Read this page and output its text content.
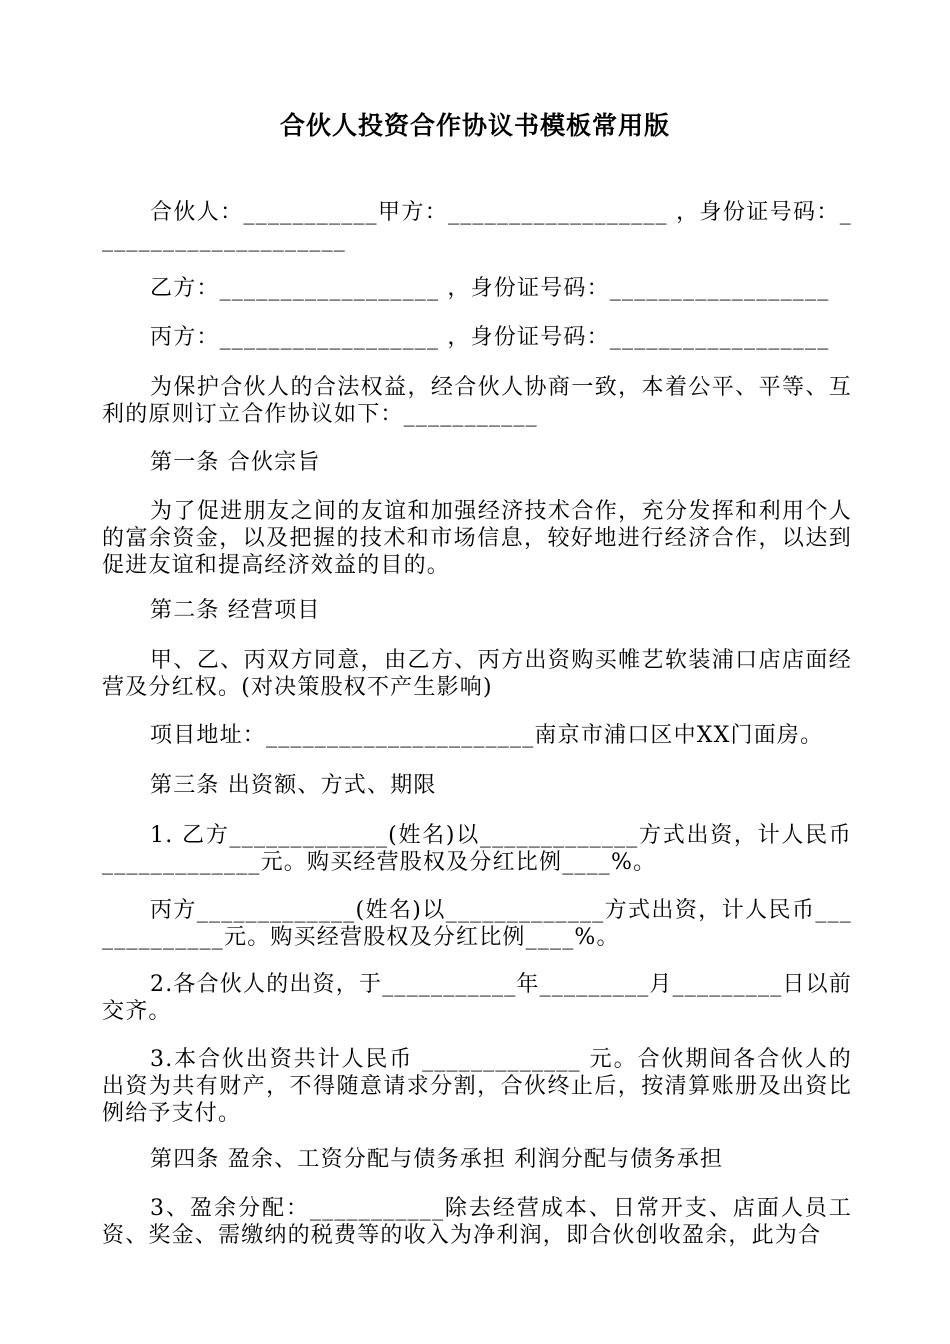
合伙人投资合作协议书模板常用版

合伙人：___________甲方：__________________ ，身份证号码：_____________________

乙方：__________________ ，身份证号码：__________________

丙方：__________________ ，身份证号码：__________________

为保护合伙人的合法权益，经合伙人协商一致，本着公平、平等、互利的原则订立合作协议如下：___________

第一条 合伙宗旨

为了促进朋友之间的友谊和加强经济技术合作，充分发挥和利用个人的富余资金，以及把握的技术和市场信息，较好地进行经济合作，以达到促进友谊和提高经济效益的目的。

第二条 经营项目

甲、乙、丙双方同意，由乙方、丙方出资购买帷艺软装浦口店店面经营及分红权。(对决策股权不产生影响)

项目地址：______________________南京市浦口区中XX门面房。

第三条 出资额、方式、期限

1. 乙方_____________(姓名)以_____________方式出资，计人民币_____________元。购买经营股权及分红比例____%。

丙方_____________(姓名)以_____________方式出资，计人民币_____________元。购买经营股权及分红比例____%。

2.各合伙人的出资，于___________年_________月_________日以前交齐。

3.本合伙出资共计人民币 _____________ 元。合伙期间各合伙人的出资为共有财产，不得随意请求分割，合伙终止后，按清算账册及出资比例给予支付。

第四条 盈余、工资分配与债务承担 利润分配与债务承担

3、盈余分配：___________除去经营成本、日常开支、店面人员工资、奖金、需缴纳的税费等的收入为净利润，即合伙创收盈余，此为合
